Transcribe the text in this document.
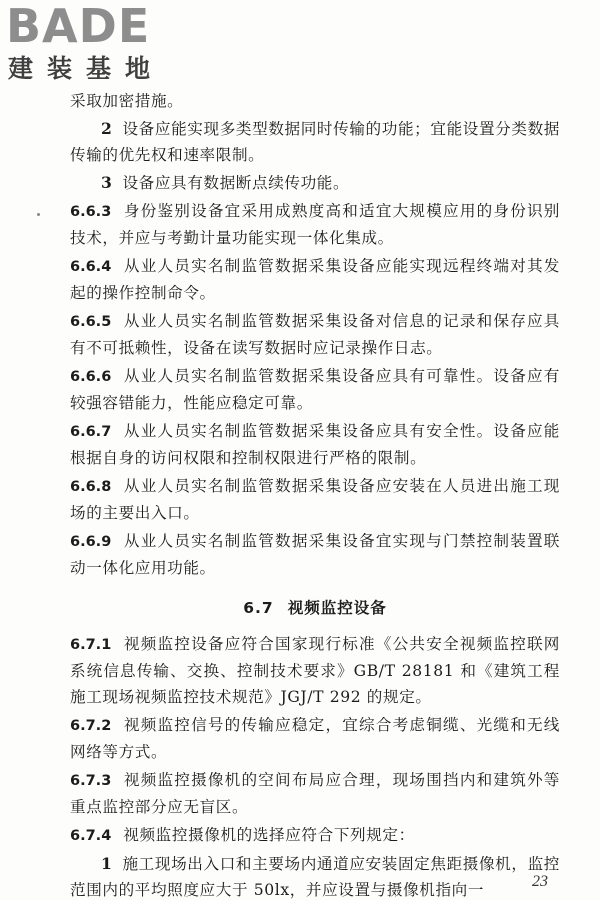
BADE
建装基地

采取加密措施。

2 设备应能实现多类型数据同时传输的功能；宜能设置分类数据传输的优先权和速率限制。

3 设备应具有数据断点续传功能。

6.6.3 身份鉴别设备宜采用成熟度高和适宜大规模应用的身份识别技术，并应与考勤计量功能实现一体化集成。

6.6.4 从业人员实名制监管数据采集设备应能实现远程终端对其发起的操作控制命令。

6.6.5 从业人员实名制监管数据采集设备对信息的记录和保存应具有不可抵赖性，设备在读写数据时应记录操作日志。

6.6.6 从业人员实名制监管数据采集设备应具有可靠性。设备应有较强容错能力，性能应稳定可靠。

6.6.7 从业人员实名制监管数据采集设备应具有安全性。设备应能根据自身的访问权限和控制权限进行严格的限制。

6.6.8 从业人员实名制监管数据采集设备应安装在人员进出施工现场的主要出入口。

6.6.9 从业人员实名制监管数据采集设备宜实现与门禁控制装置联动一体化应用功能。

6.7 视频监控设备

6.7.1 视频监控设备应符合国家现行标准《公共安全视频监控联网系统信息传输、交换、控制技术要求》GB/T 28181 和《建筑工程施工现场视频监控技术规范》JGJ/T 292 的规定。

6.7.2 视频监控信号的传输应稳定，宜综合考虑铜缆、光缆和无线网络等方式。

6.7.3 视频监控摄像机的空间布局应合理，现场围挡内和建筑外等重点监控部分应无盲区。

6.7.4 视频监控摄像机的选择应符合下列规定：

1 施工现场出入口和主要场内通道应安装固定焦距摄像机，监控范围内的平均照度应大于 50lx，并应设置与摄像机指向一	23
